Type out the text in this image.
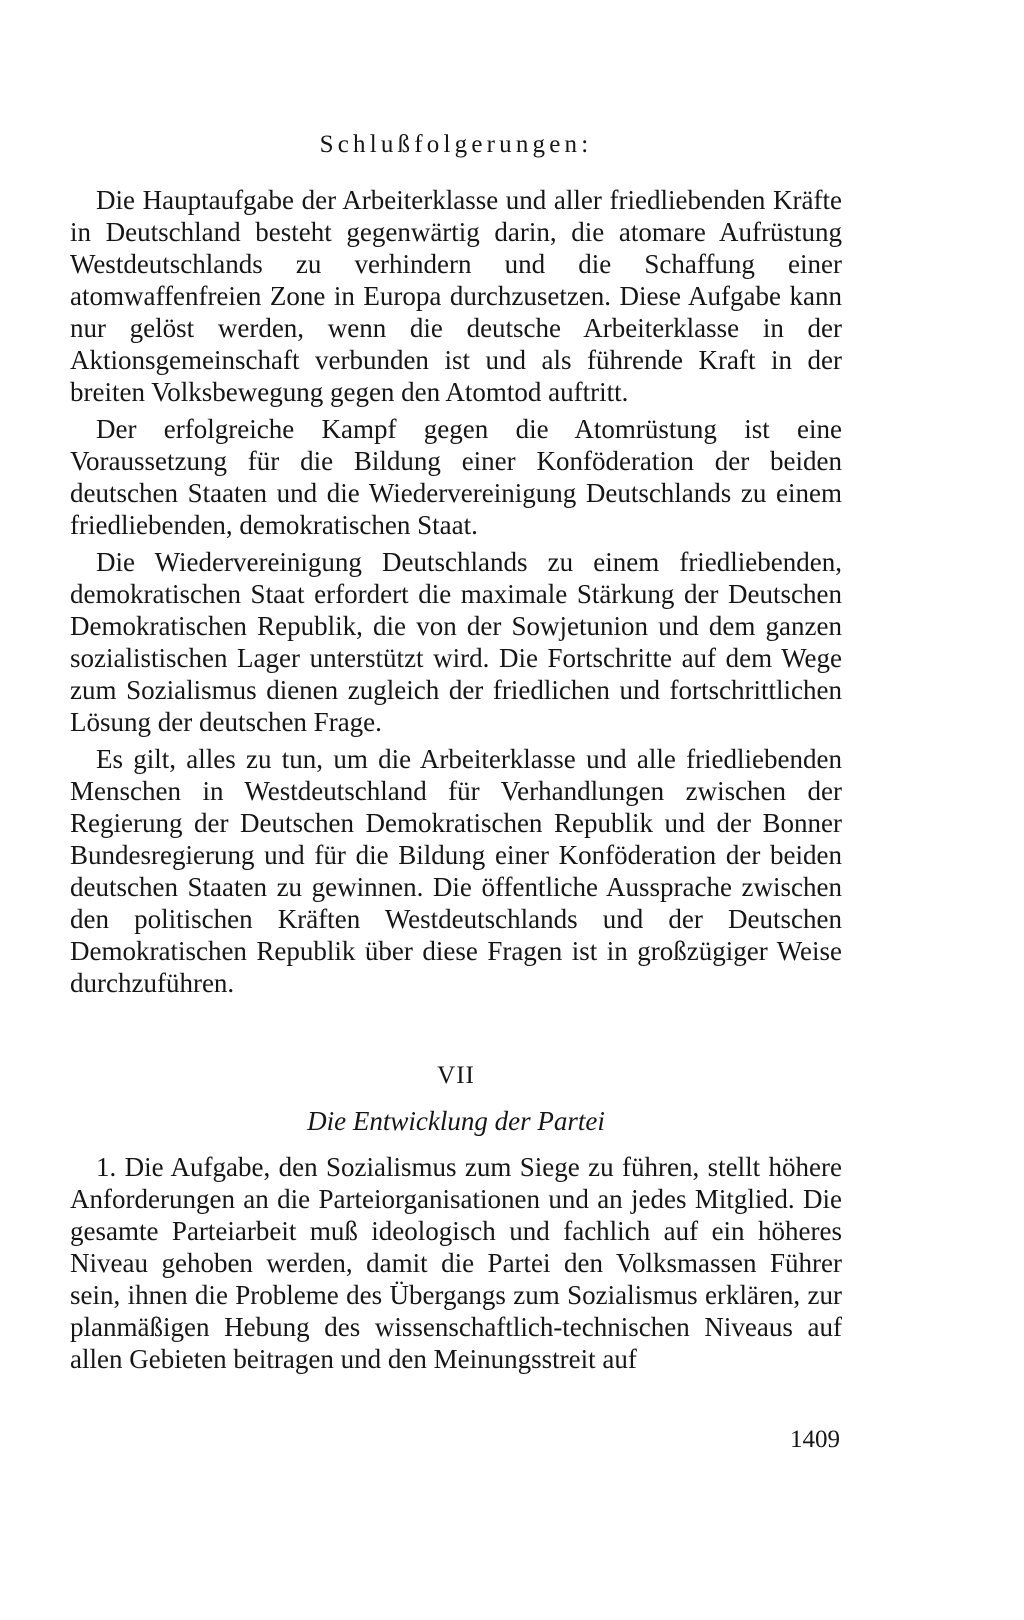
Schlußfolgerungen:

Die Hauptaufgabe der Arbeiterklasse und aller friedliebenden Kräfte in Deutschland besteht gegenwärtig darin, die atomare Aufrüstung Westdeutschlands zu verhindern und die Schaffung einer atomwaffenfreien Zone in Europa durchzusetzen. Diese Aufgabe kann nur gelöst werden, wenn die deutsche Arbeiterklasse in der Aktionsgemeinschaft verbunden ist und als führende Kraft in der breiten Volksbewegung gegen den Atomtod auftritt.

Der erfolgreiche Kampf gegen die Atomrüstung ist eine Voraussetzung für die Bildung einer Konföderation der beiden deutschen Staaten und die Wiedervereinigung Deutschlands zu einem friedliebenden, demokratischen Staat.

Die Wiedervereinigung Deutschlands zu einem friedliebenden, demokratischen Staat erfordert die maximale Stärkung der Deutschen Demokratischen Republik, die von der Sowjetunion und dem ganzen sozialistischen Lager unterstützt wird. Die Fortschritte auf dem Wege zum Sozialismus dienen zugleich der friedlichen und fortschrittlichen Lösung der deutschen Frage.

Es gilt, alles zu tun, um die Arbeiterklasse und alle friedliebenden Menschen in Westdeutschland für Verhandlungen zwischen der Regierung der Deutschen Demokratischen Republik und der Bonner Bundesregierung und für die Bildung einer Konföderation der beiden deutschen Staaten zu gewinnen. Die öffentliche Aussprache zwischen den politischen Kräften Westdeutschlands und der Deutschen Demokratischen Republik über diese Fragen ist in großzügiger Weise durchzuführen.

VII
Die Entwicklung der Partei

1. Die Aufgabe, den Sozialismus zum Siege zu führen, stellt höhere Anforderungen an die Parteiorganisationen und an jedes Mitglied. Die gesamte Parteiarbeit muß ideologisch und fachlich auf ein höheres Niveau gehoben werden, damit die Partei den Volksmassen Führer sein, ihnen die Probleme des Übergangs zum Sozialismus erklären, zur planmäßigen Hebung des wissenschaftlich-technischen Niveaus auf allen Gebieten beitragen und den Meinungsstreit auf

1409
